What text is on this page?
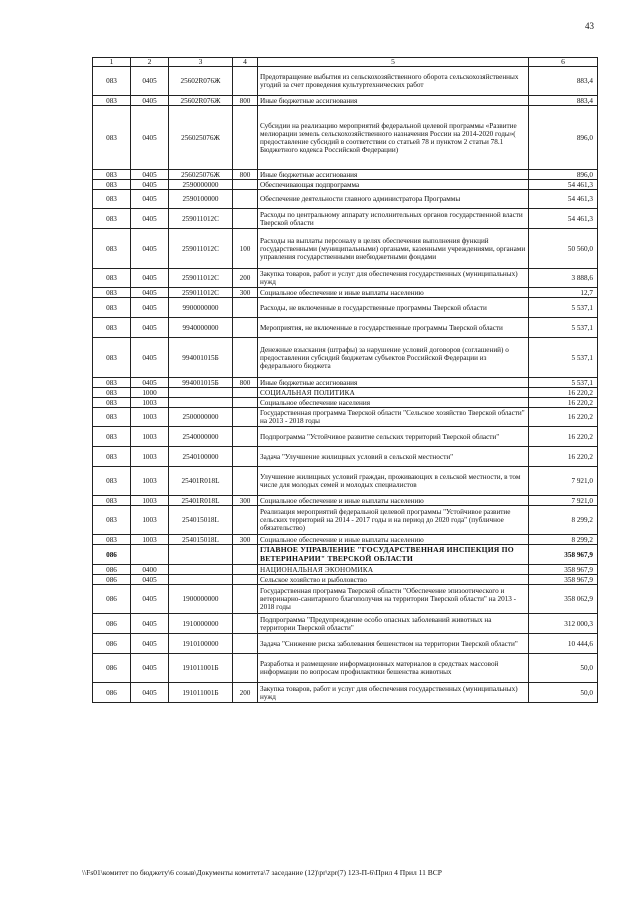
43
1	2	3	4	5	6
083	0405	25602R076Ж		Предотвращение выбытия из сельскохозяйственного оборота сельскохозяйственных угодий за счет проведения культуртехнических работ	883,4
083	0405	25602R076Ж	800	Иные бюджетные ассигнования	883,4
083	0405	256025076Ж		Субсидии на реализацию мероприятий федеральной целевой программы «Развитие мелиорации земель сельскохозяйственного назначения России на 2014-2020 годы»( предоставление субсидий в соответствии со статьей 78 и пунктом 2 статьи 78.1 Бюджетного кодекса Российской Федерации)	896,0
083	0405	256025076Ж	800	Иные бюджетные ассигнования	896,0
083	0405	2590000000		Обеспечивающая подпрограмма	54 461,3
083	0405	2590100000		Обеспечение деятельности главного администратора Программы	54 461,3
083	0405	259011012С		Расходы по центральному аппарату исполнительных органов государственной власти Тверской области	54 461,3
083	0405	259011012С	100	Расходы на выплаты персоналу в целях обеспечения выполнения функций государственными (муниципальными) органами, казенными учреждениями, органами управления государственными внебюджетными фондами	50 560,0
083	0405	259011012С	200	Закупка товаров, работ и услуг для обеспечения государственных (муниципальных) нужд	3 888,6
083	0405	259011012С	300	Социальное обеспечение и иные выплаты населению	12,7
083	0405	9900000000		Расходы, не включенные в государственные программы Тверской области	5 537,1
083	0405	9940000000		Мероприятия, не включенные в государственные программы Тверской области	5 537,1
083	0405	994001015Б		Денежные взыскания (штрафы) за нарушение условий договоров (соглашений) о предоставлении субсидий бюджетам субъектов Российской Федерации из федерального бюджета	5 537,1
083	0405	994001015Б	800	Иные бюджетные ассигнования	5 537,1
083	1000			СОЦИАЛЬНАЯ ПОЛИТИКА	16 220,2
083	1003			Социальное обеспечение населения	16 220,2
083	1003	2500000000		Государственная программа Тверской области "Сельское хозяйство Тверской области" на 2013 - 2018 годы	16 220,2
083	1003	2540000000		Подпрограмма "Устойчивое развитие сельских территорий Тверской области"	16 220,2
083	1003	2540100000		Задача "Улучшение жилищных условий в сельской местности"	16 220,2
083	1003	25401R018L		Улучшение жилищных условий граждан, проживающих в сельской местности, в том числе для молодых семей и молодых специалистов	7 921,0
083	1003	25401R018L	300	Социальное обеспечение и иные выплаты населению	7 921,0
083	1003	254015018L		Реализация мероприятий федеральной целевой программы "Устойчивое развитие сельских территорий на 2014 - 2017 годы и на период до 2020 года" (публичное обязательство)	8 299,2
083	1003	254015018L	300	Социальное обеспечение и иные выплаты населению	8 299,2
086				ГЛАВНОЕ УПРАВЛЕНИЕ "ГОСУДАРСТВЕННАЯ ИНСПЕКЦИЯ ПО ВЕТЕРИНАРИИ" ТВЕРСКОЙ ОБЛАСТИ	358 967,9
086	0400			НАЦИОНАЛЬНАЯ ЭКОНОМИКА	358 967,9
086	0405			Сельское хозяйство и рыболовство	358 967,9
086	0405	1900000000		Государственная программа Тверской области "Обеспечение эпизоотического и ветеринарно-санитарного благополучия на территории Тверской области" на 2013 - 2018 годы	358 062,9
086	0405	1910000000		Подпрограмма "Предупреждение особо опасных заболеваний животных на территории Тверской области"	312 000,3
086	0405	1910100000		Задача "Снижение риска заболевания бешенством на территории Тверской области"	10 444,6
086	0405	191011001Б		Разработка и размещение информационных материалов в средствах массовой информации по вопросам профилактики бешенства животных	50,0
086	0405	191011001Б	200	Закупка товаров, работ и услуг для обеспечения государственных (муниципальных) нужд	50,0
\\Fs01\комитет по бюджету\6 созыв\Документы комитета\7 заседание (12)\pr\zpr(7) 123-П-6\Прил 4 Прил 11 ВСР
